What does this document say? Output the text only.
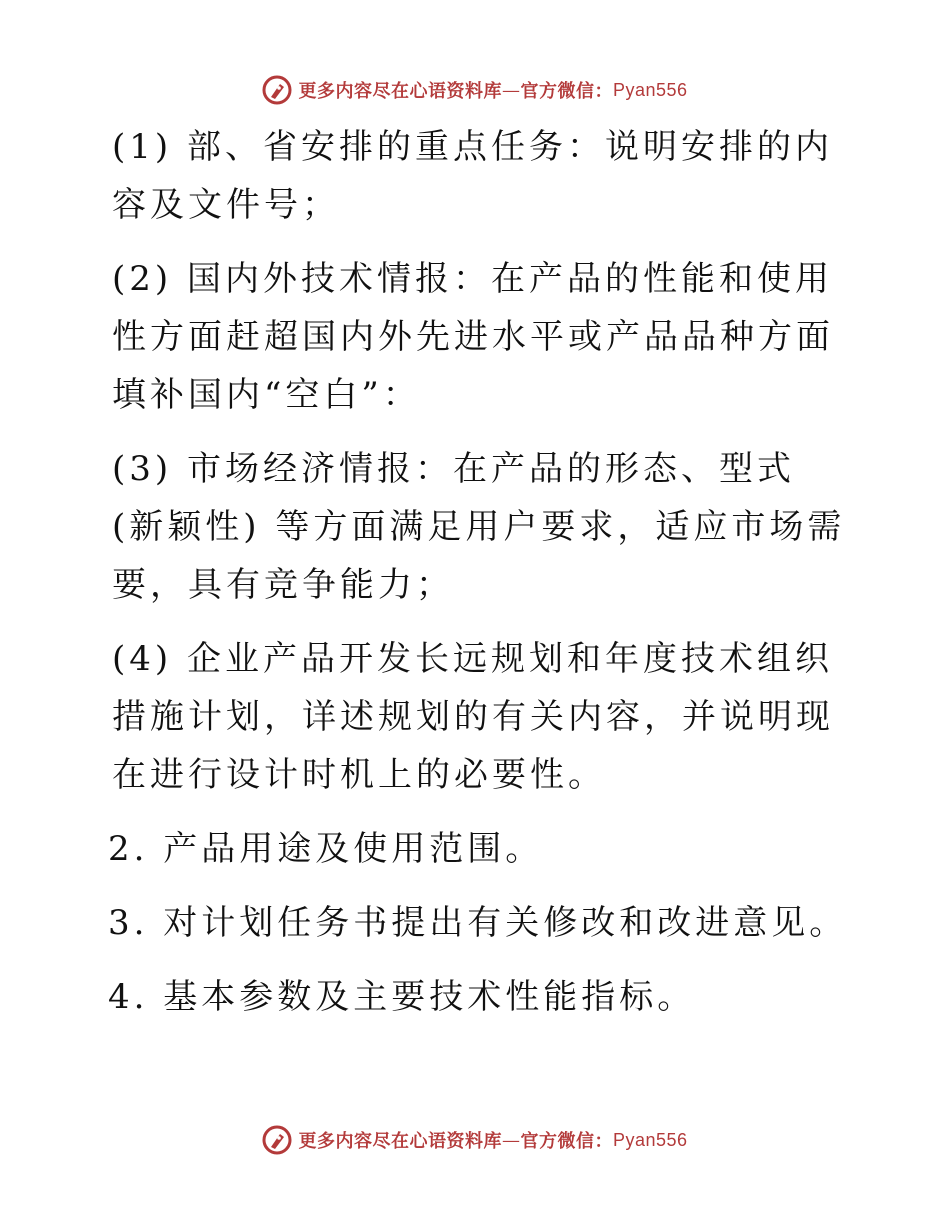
更多内容尽在心语资料库 — 官方微信： Pyan556

(1) 部、省安排的重点任务：说明安排的内容及文件号；

(2) 国内外技术情报：在产品的性能和使用性方面赶超国内外先进水平或产品品种方面填补国内“空白”：

(3) 市场经济情报：在产品的形态、型式 (新颖性) 等方面满足用户要求，适应市场需要，具有竞争能力；

(4) 企业产品开发长远规划和年度技术组织措施计划，详述规划的有关内容，并说明现在进行设计时机上的必要性。

2. 产品用途及使用范围。

3. 对计划任务书提出有关修改和改进意见。

4. 基本参数及主要技术性能指标。

更多内容尽在心语资料库 — 官方微信： Pyan556
